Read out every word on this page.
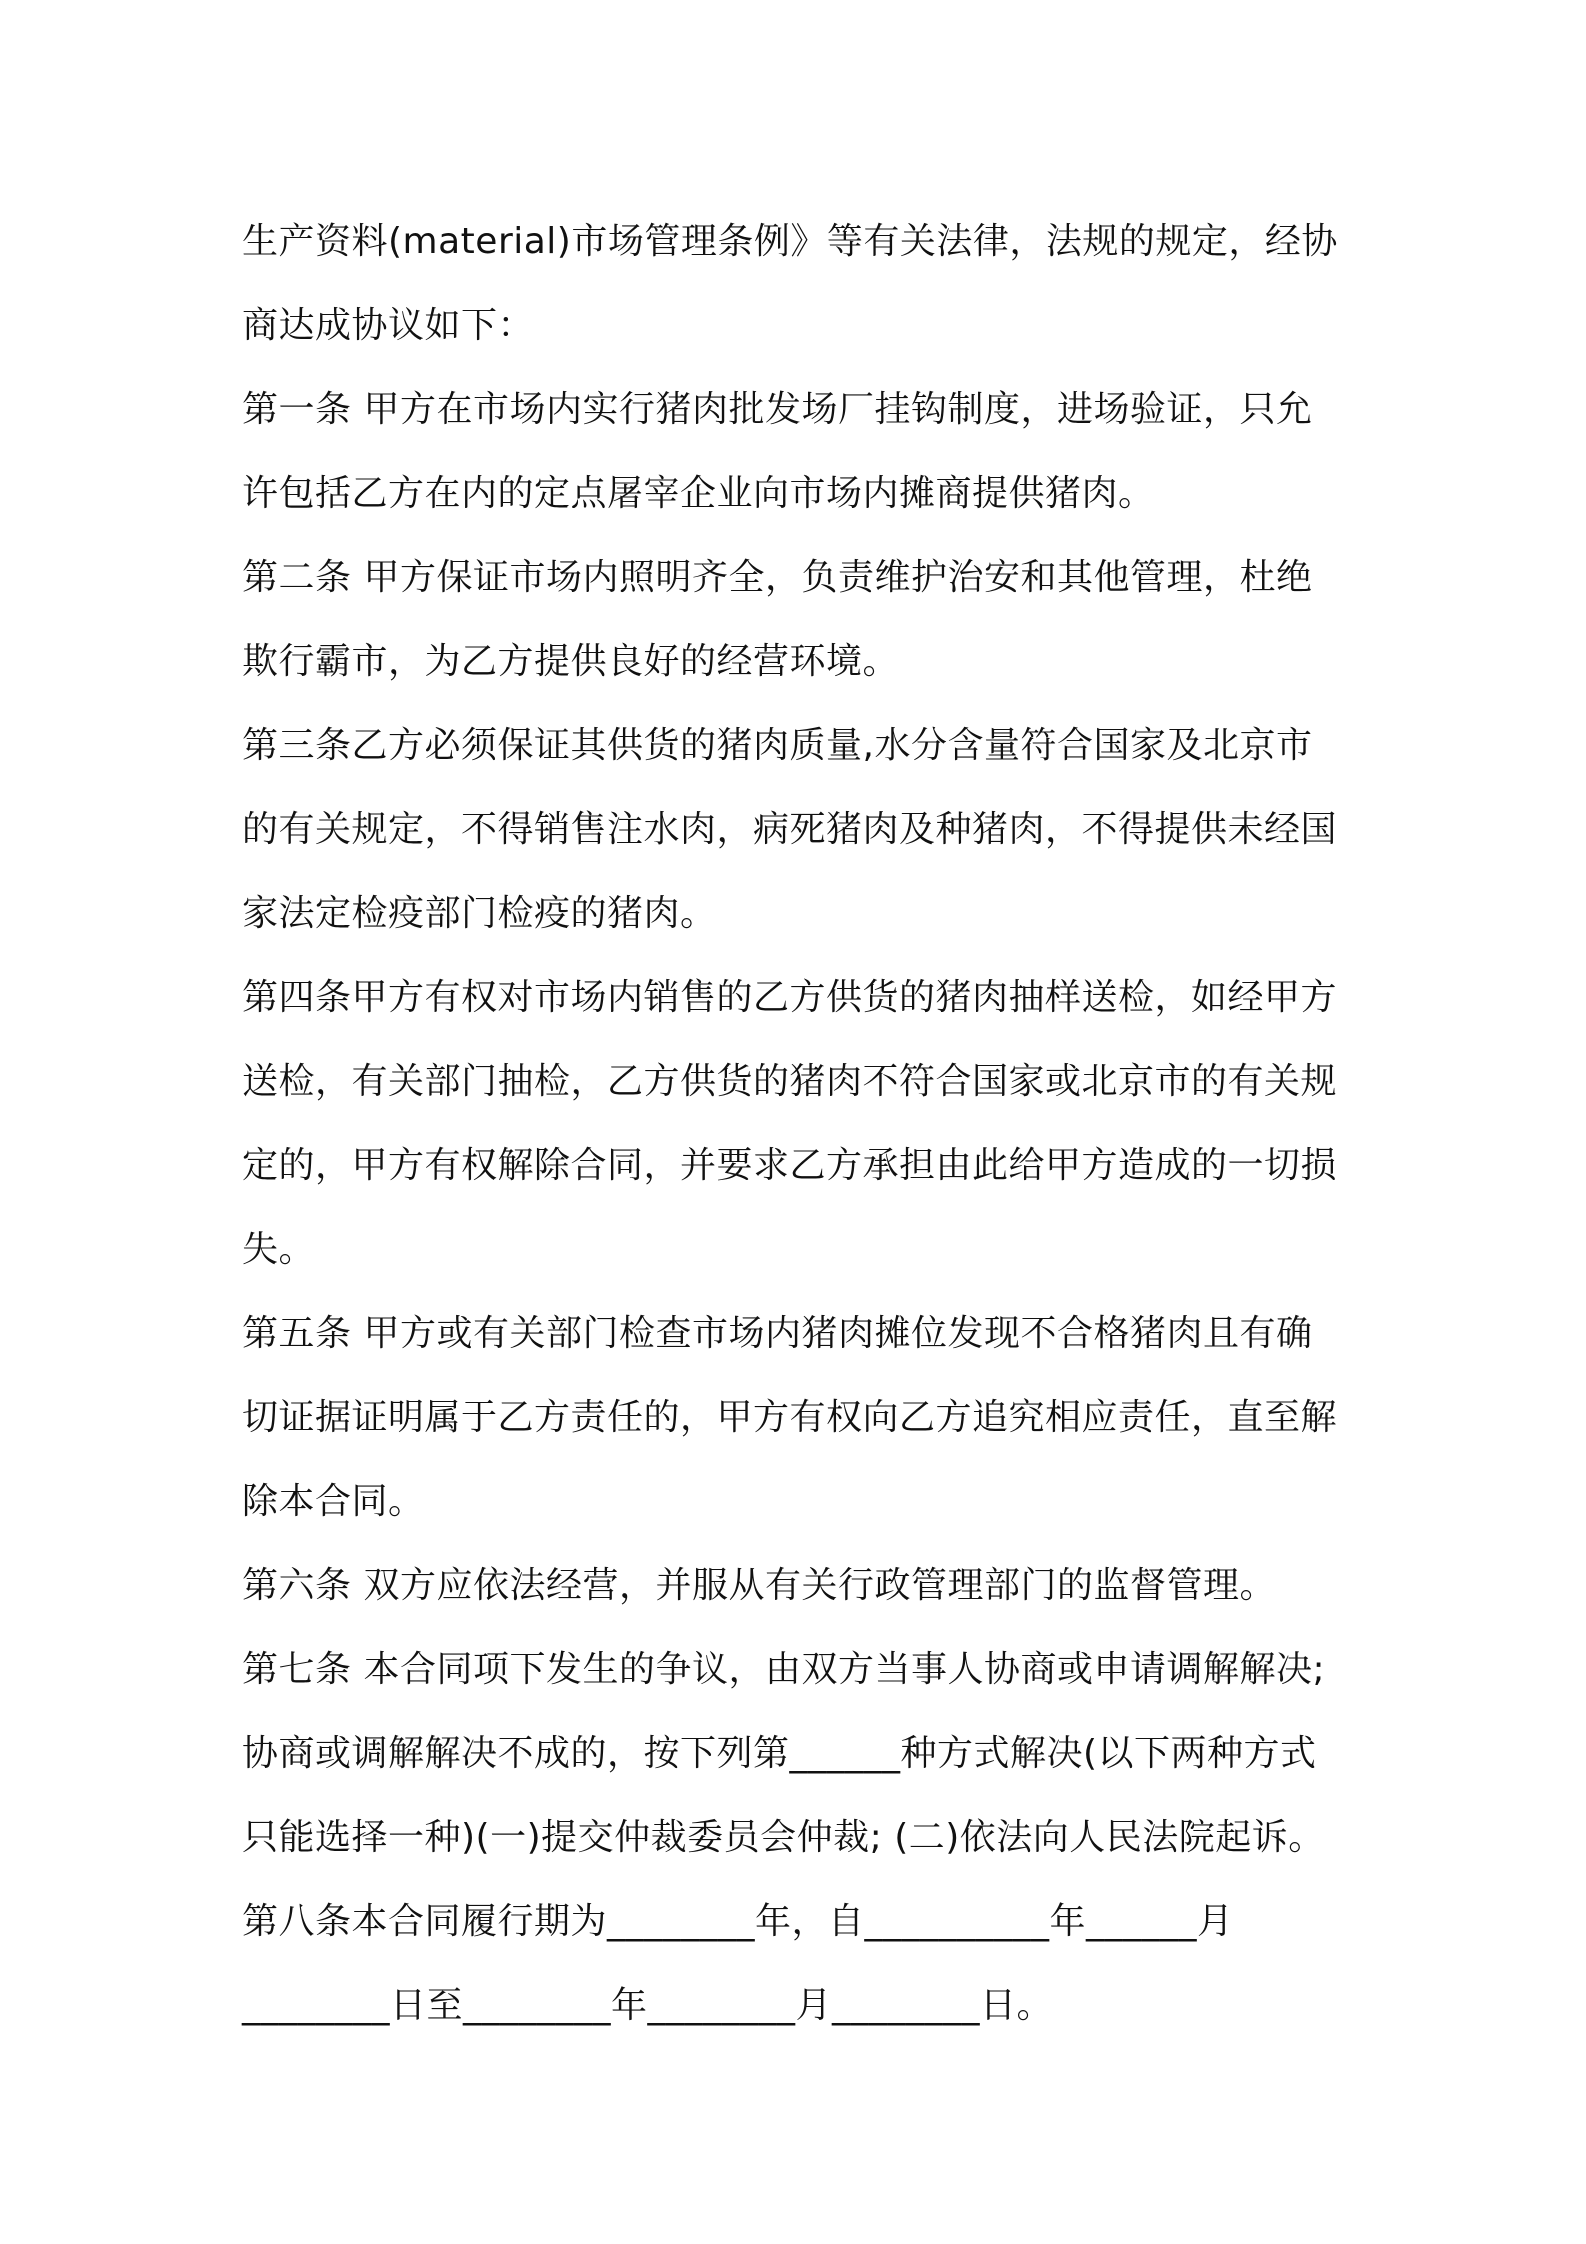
生产资料(material)市场管理条例》等有关法律，法规的规定，经协
商达成协议如下：
第一条 甲方在市场内实行猪肉批发场厂挂钩制度，进场验证，只允
许包括乙方在内的定点屠宰企业向市场内摊商提供猪肉。
第二条 甲方保证市场内照明齐全，负责维护治安和其他管理，杜绝
欺行霸市，为乙方提供良好的经营环境。
第三条乙方必须保证其供货的猪肉质量,水分含量符合国家及北京市
的有关规定，不得销售注水肉，病死猪肉及种猪肉，不得提供未经国
家法定检疫部门检疫的猪肉。
第四条甲方有权对市场内销售的乙方供货的猪肉抽样送检，如经甲方
送检，有关部门抽检，乙方供货的猪肉不符合国家或北京市的有关规
定的，甲方有权解除合同，并要求乙方承担由此给甲方造成的一切损
失。
第五条 甲方或有关部门检查市场内猪肉摊位发现不合格猪肉且有确
切证据证明属于乙方责任的，甲方有权向乙方追究相应责任，直至解
除本合同。
第六条 双方应依法经营，并服从有关行政管理部门的监督管理。
第七条 本合同项下发生的争议，由双方当事人协商或申请调解解决;
协商或调解解决不成的，按下列第______种方式解决(以下两种方式
只能选择一种)(一)提交仲裁委员会仲裁; (二)依法向人民法院起诉。
第八条本合同履行期为________年，自__________年______月
________日至________年________月________日。
